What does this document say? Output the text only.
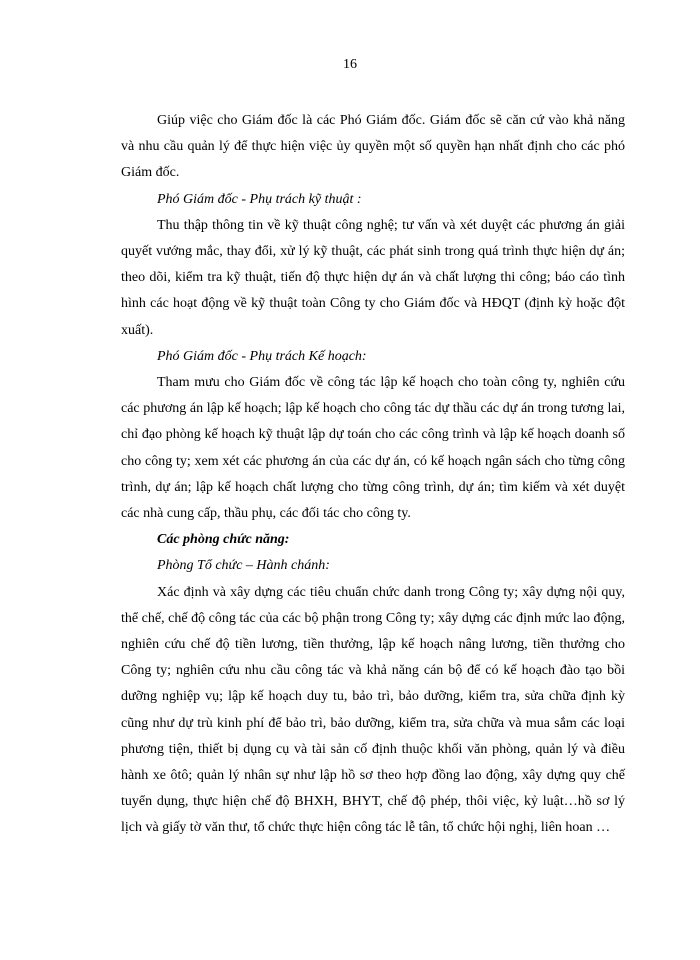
16

Giúp việc cho Giám đốc là các Phó Giám đốc. Giám đốc sẽ căn cứ vào khả năng và nhu cầu quản lý để thực hiện việc ủy quyền một số quyền hạn nhất định cho các phó Giám đốc.

Phó Giám đốc - Phụ trách kỹ thuật :

Thu thập thông tin về kỹ thuật công nghệ; tư vấn và xét duyệt các phương án giải quyết vướng mắc, thay đổi, xử lý kỹ thuật, các phát sinh trong quá trình thực hiện dự án; theo dõi, kiểm tra kỹ thuật, tiến độ thực hiện dự án và chất lượng thi công; báo cáo tình hình các hoạt động về kỹ thuật toàn Công ty cho Giám đốc và HĐQT (định kỳ hoặc đột xuất).

Phó Giám đốc - Phụ trách Kế hoạch:

Tham mưu cho Giám đốc về công tác lập kế hoạch cho toàn công ty, nghiên cứu các phương án lập kế hoạch; lập kế hoạch cho công tác dự thầu các dự án trong tương lai, chỉ đạo phòng kế hoạch kỹ thuật lập dự toán cho các công trình và lập kế hoạch doanh số cho công ty; xem xét các phương án của các dự án, có kế hoạch ngân sách cho từng công trình, dự án; lập kế hoạch chất lượng cho từng công trình, dự án; tìm kiếm và xét duyệt các nhà cung cấp, thầu phụ, các đối tác cho công ty.

Các phòng chức năng:

Phòng Tổ chức – Hành chánh:

Xác định và xây dựng các tiêu chuẩn chức danh trong Công ty; xây dựng nội quy, thể chế, chế độ công tác của các bộ phận trong Công ty; xây dựng các định mức lao động, nghiên cứu chế độ tiền lương, tiền thưởng, lập kế hoạch nâng lương, tiền thưởng cho Công ty; nghiên cứu nhu cầu công tác và khả năng cán bộ để có kế hoạch đào tạo bồi dưỡng nghiệp vụ; lập kế hoạch duy tu, bảo trì, bảo dưỡng, kiểm tra, sửa chữa định kỳ cũng như dự trù kinh phí để bảo trì, bảo dưỡng, kiểm tra, sửa chữa và mua sắm các loại phương tiện, thiết bị dụng cụ và tài sản cố định thuộc khối văn phòng, quản lý và điều hành xe ôtô; quản lý nhân sự như lập hồ sơ theo hợp đồng lao động, xây dựng quy chế tuyển dụng, thực hiện chế độ BHXH, BHYT, chế độ phép, thôi việc, kỷ luật…hồ sơ lý lịch và giấy tờ văn thư, tổ chức thực hiện công tác lễ tân, tổ chức hội nghị, liên hoan …
